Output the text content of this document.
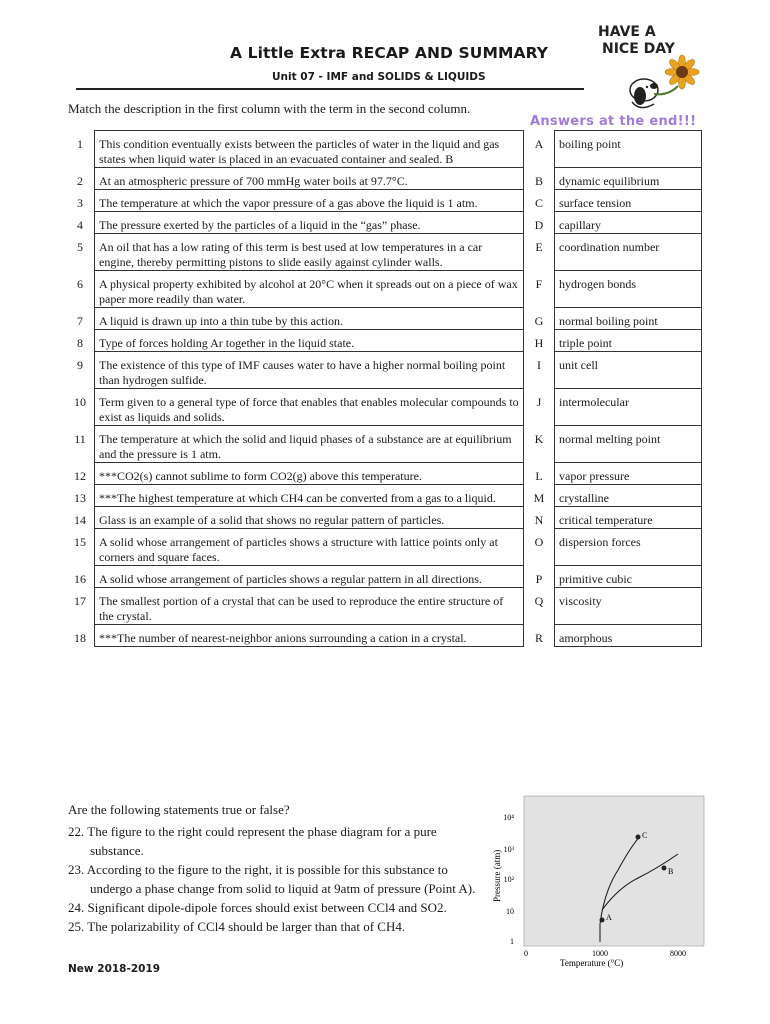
A Little Extra RECAP AND SUMMARY
Unit 07 - IMF and SOLIDS & LIQUIDS
HAVE A
NICE DAY
Match the description in the first column with the term in the second column.
Answers at the end!!!
1	This condition eventually exists between the particles of water in the liquid and gas states when liquid water is placed in an evacuated container and sealed. B	A	boiling point
2	At an atmospheric pressure of 700 mmHg water boils at 97.7°C.	B	dynamic equilibrium
3	The temperature at which the vapor pressure of a gas above the liquid is 1 atm.	C	surface tension
4	The pressure exerted by the particles of a liquid in the “gas” phase.	D	capillary
5	An oil that has a low rating of this term is best used at low temperatures in a car engine, thereby permitting pistons to slide easily against cylinder walls.	E	coordination number
6	A physical property exhibited by alcohol at 20°C when it spreads out on a piece of wax paper more readily than water.	F	hydrogen bonds
7	A liquid is drawn up into a thin tube by this action.	G	normal boiling point
8	Type of forces holding Ar together in the liquid state.	H	triple point
9	The existence of this type of IMF causes water to have a higher normal boiling point than hydrogen sulfide.	I	unit cell
10	Term given to a general type of force that enables that enables molecular compounds to exist as liquids and solids.	J	intermolecular
11	The temperature at which the solid and liquid phases of a substance are at equilibrium and the pressure is 1 atm.	K	normal melting point
12	***CO2(s) cannot sublime to form CO2(g) above this temperature.	L	vapor pressure
13	***The highest temperature at which CH4 can be converted from a gas to a liquid.	M	crystalline
14	Glass is an example of a solid that shows no regular pattern of particles.	N	critical temperature
15	A solid whose arrangement of particles shows a structure with lattice points only at corners and square faces.	O	dispersion forces
16	A solid whose arrangement of particles shows a regular pattern in all directions.	P	primitive cubic
17	The smallest portion of a crystal that can be used to reproduce the entire structure of the crystal.	Q	viscosity
18	***The number of nearest-neighbor anions surrounding a cation in a crystal.	R	amorphous
Are the following statements true or false?
22. The figure to the right could represent the phase diagram for a pure substance.
23. According to the figure to the right, it is possible for this substance to undergo a phase change from solid to liquid at 9atm of pressure (Point A).
24. Significant dipole-dipole forces should exist between CCl4 and SO2.
25. The polarizability of CCl4 should be larger than that of CH4.
10⁴
10³
10²
10
1
0	1000	8000
Pressure (atm)
Temperature (°C)
A
B
C
New 2018-2019
